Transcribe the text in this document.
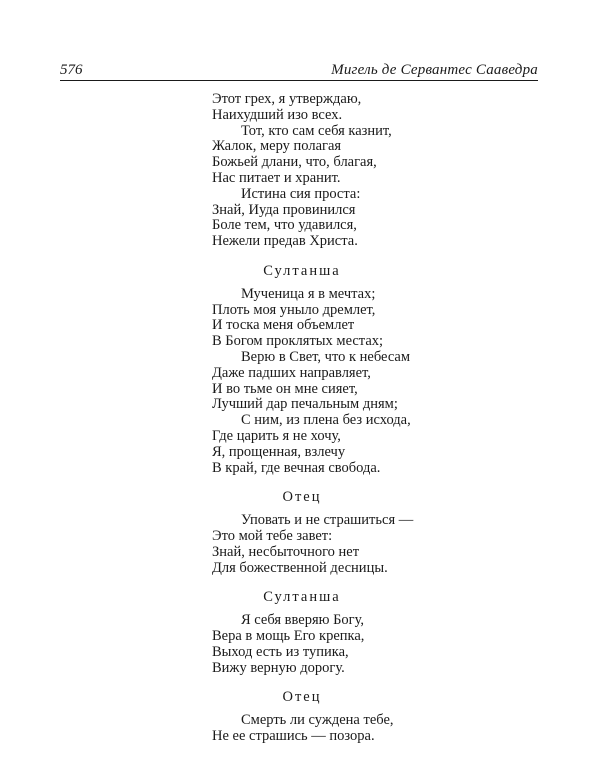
576	Мигель де Сервантес Сааведра
Этот грех, я утверждаю,
Наихудший изо всех.
Тот, кто сам себя казнит,
Жалок, меру полагая
Божьей длани, что, благая,
Нас питает и хранит.
Истина сия проста:
Знай, Иуда провинился
Боле тем, что удавился,
Нежели предав Христа.
Султанша
Мученица я в мечтах;
Плоть моя уныло дремлет,
И тоска меня объемлет
В Богом проклятых местах;
Верю в Свет, что к небесам
Даже падших направляет,
И во тьме он мне сияет,
Лучший дар печальным дням;
С ним, из плена без исхода,
Где царить я не хочу,
Я, прощенная, взлечу
В край, где вечная свобода.
Отец
Уповать и не страшиться —
Это мой тебе завет:
Знай, несбыточного нет
Для божественной десницы.
Султанша
Я себя вверяю Богу,
Вера в мощь Его крепка,
Выход есть из тупика,
Вижу верную дорогу.
Отец
Смерть ли суждена тебе,
Не ее страшись — позора.
